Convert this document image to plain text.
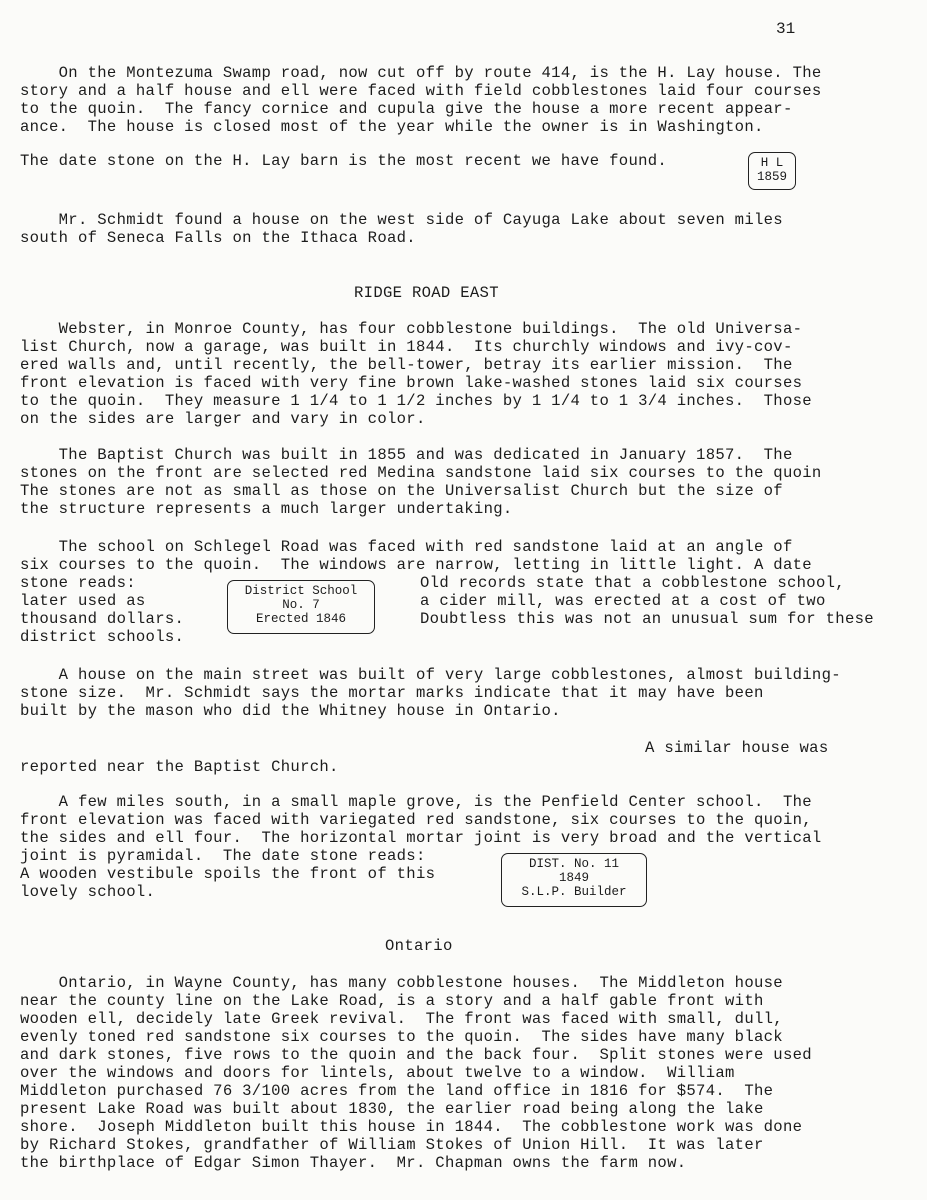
31
On the Montezuma Swamp road, now cut off by route 414, is the H. Lay house. The
story and a half house and ell were faced with field cobblestones laid four courses
to the quoin.  The fancy cornice and cupula give the house a more recent appear-
ance.  The house is closed most of the year while the owner is in Washington.
The date stone on the H. Lay barn is the most recent we have found.	H L
1859
Mr. Schmidt found a house on the west side of Cayuga Lake about seven miles
south of Seneca Falls on the Ithaca Road.
RIDGE ROAD EAST
Webster, in Monroe County, has four cobblestone buildings.  The old Universa-
list Church, now a garage, was built in 1844.  Its churchly windows and ivy-cov-
ered walls and, until recently, the bell-tower, betray its earlier mission.  The
front elevation is faced with very fine brown lake-washed stones laid six courses
to the quoin.  They measure 1 1/4 to 1 1/2 inches by 1 1/4 to 1 3/4 inches.  Those
on the sides are larger and vary in color.
The Baptist Church was built in 1855 and was dedicated in January 1857.  The
stones on the front are selected red Medina sandstone laid six courses to the quoin
The stones are not as small as those on the Universalist Church but the size of
the structure represents a much larger undertaking.
The school on Schlegel Road was faced with red sandstone laid at an angle of
six courses to the quoin.  The windows are narrow, letting in little light. A date
stone reads:
later used as
thousand dollars.
district schools.
District School
No. 7
Erected 1846
Old records state that a cobblestone school,
a cider mill, was erected at a cost of two
Doubtless this was not an unusual sum for these
A house on the main street was built of very large cobblestones, almost building-
stone size.  Mr. Schmidt says the mortar marks indicate that it may have been
built by the mason who did the Whitney house in Ontario.
A similar house was
reported near the Baptist Church.
A few miles south, in a small maple grove, is the Penfield Center school.  The
front elevation was faced with variegated red sandstone, six courses to the quoin,
the sides and ell four.  The horizontal mortar joint is very broad and the vertical
joint is pyramidal.  The date stone reads:
A wooden vestibule spoils the front of this
lovely school.
DIST. No. 11
1849
S.L.P. Builder
Ontario
Ontario, in Wayne County, has many cobblestone houses.  The Middleton house
near the county line on the Lake Road, is a story and a half gable front with
wooden ell, decidely late Greek revival.  The front was faced with small, dull,
evenly toned red sandstone six courses to the quoin.  The sides have many black
and dark stones, five rows to the quoin and the back four.  Split stones were used
over the windows and doors for lintels, about twelve to a window.  William
Middleton purchased 76 3/100 acres from the land office in 1816 for $574.  The
present Lake Road was built about 1830, the earlier road being along the lake
shore.  Joseph Middleton built this house in 1844.  The cobblestone work was done
by Richard Stokes, grandfather of William Stokes of Union Hill.  It was later
the birthplace of Edgar Simon Thayer.  Mr. Chapman owns the farm now.
